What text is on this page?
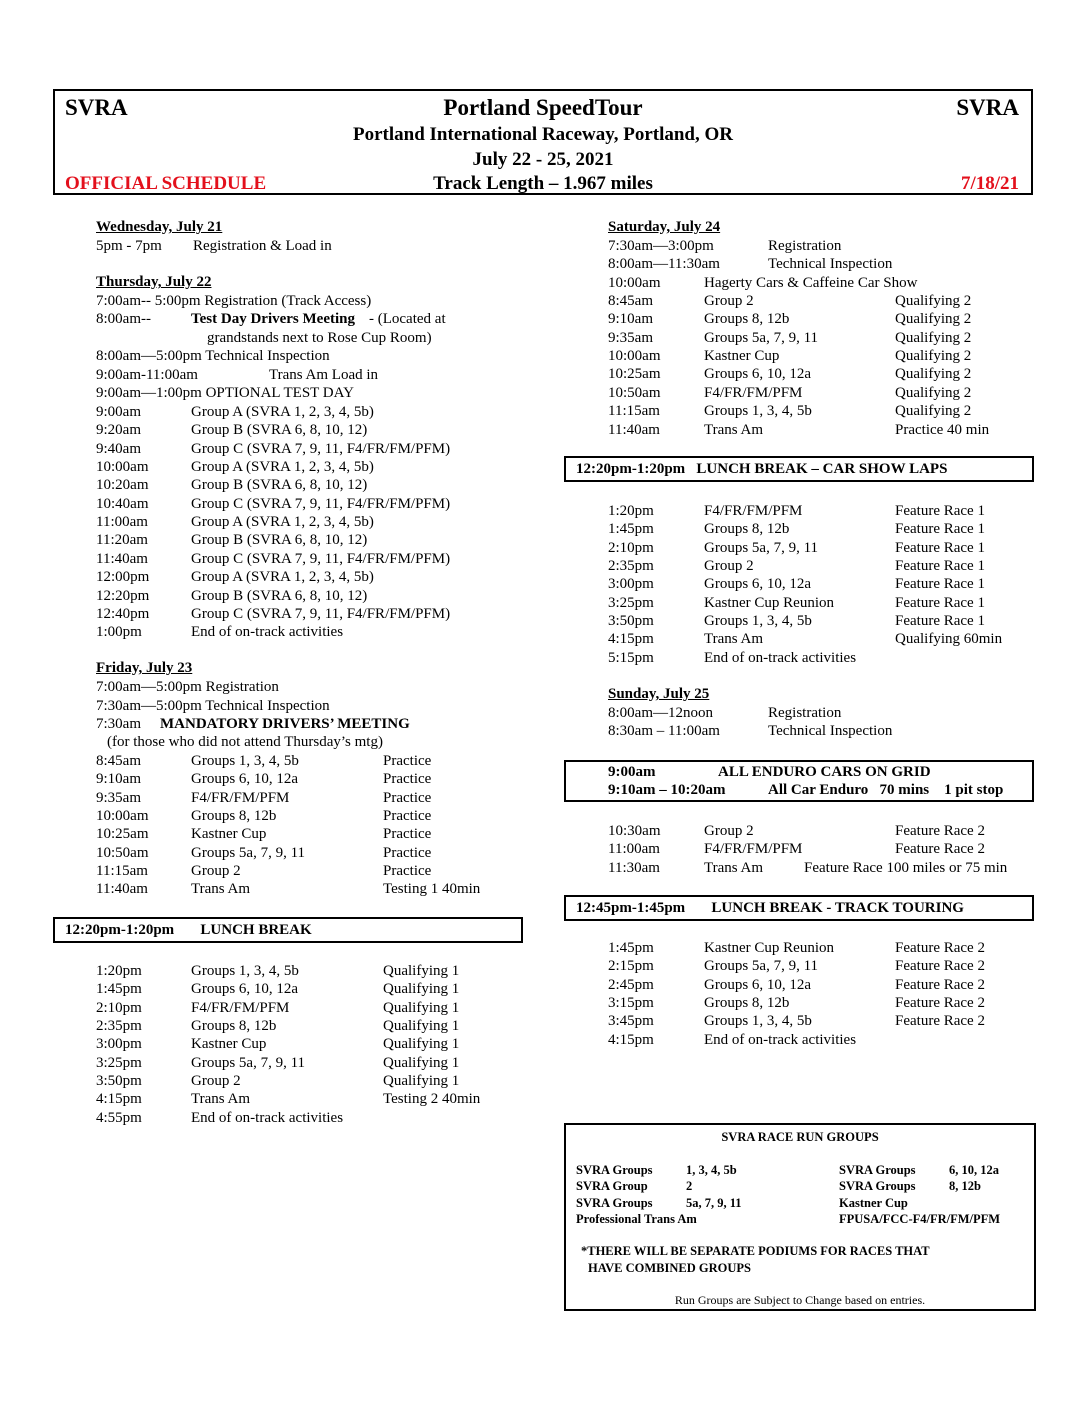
SVRA	Portland SpeedTour	SVRA
Portland International Raceway, Portland, OR
July 22 - 25, 2021
OFFICIAL SCHEDULE	Track Length – 1.967 miles	7/18/21
Wednesday, July 21
5pm - 7pm Registration & Load in
Thursday, July 22
7:00am-- 5:00pm Registration (Track Access)
8:00am--	Test Day Drivers Meeting - (Located at
grandstands next to Rose Cup Room)
8:00am—5:00pm Technical Inspection
9:00am-11:00am	Trans Am Load in
9:00am—1:00pm OPTIONAL TEST DAY
9:00am	Group A (SVRA 1, 2, 3, 4, 5b)
9:20am	Group B (SVRA 6, 8, 10, 12)
9:40am	Group C (SVRA 7, 9, 11, F4/FR/FM/PFM)
10:00am	Group A (SVRA 1, 2, 3, 4, 5b)
10:20am	Group B (SVRA 6, 8, 10, 12)
10:40am	Group C (SVRA 7, 9, 11, F4/FR/FM/PFM)
11:00am	Group A (SVRA 1, 2, 3, 4, 5b)
11:20am	Group B (SVRA 6, 8, 10, 12)
11:40am	Group C (SVRA 7, 9, 11, F4/FR/FM/PFM)
12:00pm	Group A (SVRA 1, 2, 3, 4, 5b)
12:20pm	Group B (SVRA 6, 8, 10, 12)
12:40pm	Group C (SVRA 7, 9, 11, F4/FR/FM/PFM)
1:00pm	End of on-track activities
Friday, July 23
7:00am—5:00pm Registration
7:30am—5:00pm Technical Inspection
7:30am MANDATORY DRIVERS’ MEETING
(for those who did not attend Thursday’s mtg)
8:45am	Groups 1, 3, 4, 5b	Practice
9:10am	Groups 6, 10, 12a	Practice
9:35am	F4/FR/FM/PFM	Practice
10:00am	Groups 8, 12b	Practice
10:25am	Kastner Cup	Practice
10:50am	Groups 5a, 7, 9, 11	Practice
11:15am	Group 2	Practice
11:40am	Trans Am	Testing 1 40min
12:20pm-1:20pm       LUNCH BREAK
1:20pm	Groups 1, 3, 4, 5b	Qualifying 1
1:45pm	Groups 6, 10, 12a	Qualifying 1
2:10pm	F4/FR/FM/PFM	Qualifying 1
2:35pm	Groups 8, 12b	Qualifying 1
3:00pm	Kastner Cup	Qualifying 1
3:25pm	Groups 5a, 7, 9, 11	Qualifying 1
3:50pm	Group 2	Qualifying 1
4:15pm	Trans Am	Testing 2 40min
4:55pm	End of on-track activities
Saturday, July 24
7:30am—3:00pm	Registration
8:00am—11:30am	Technical Inspection
10:00am	Hagerty Cars & Caffeine Car Show
8:45am	Group 2	Qualifying 2
9:10am	Groups 8, 12b	Qualifying 2
9:35am	Groups 5a, 7, 9, 11	Qualifying 2
10:00am	Kastner Cup	Qualifying 2
10:25am	Groups 6, 10, 12a	Qualifying 2
10:50am	F4/FR/FM/PFM	Qualifying 2
11:15am	Groups 1, 3, 4, 5b	Qualifying 2
11:40am	Trans Am	Practice 40 min
12:20pm-1:20pm   LUNCH BREAK – CAR SHOW LAPS
1:20pm	F4/FR/FM/PFM	Feature Race 1
1:45pm	Groups 8, 12b	Feature Race 1
2:10pm	Groups 5a, 7, 9, 11	Feature Race 1
2:35pm	Group 2	Feature Race 1
3:00pm	Groups 6, 10, 12a	Feature Race 1
3:25pm	Kastner Cup Reunion	Feature Race 1
3:50pm	Groups 1, 3, 4, 5b	Feature Race 1
4:15pm	Trans Am	Qualifying 60min
5:15pm	End of on-track activities
Sunday, July 25
8:00am—12noon	Registration
8:30am – 11:00am	Technical Inspection
9:00am	ALL ENDURO CARS ON GRID
9:10am – 10:20am	All Car Enduro   70 mins    1 pit stop
10:30am	Group 2	Feature Race 2
11:00am	F4/FR/FM/PFM	Feature Race 2
11:30am	Trans Am	Feature Race 100 miles or 75 min
12:45pm-1:45pm       LUNCH BREAK - TRACK TOURING
1:45pm	Kastner Cup Reunion	Feature Race 2
2:15pm	Groups 5a, 7, 9, 11	Feature Race 2
2:45pm	Groups 6, 10, 12a	Feature Race 2
3:15pm	Groups 8, 12b	Feature Race 2
3:45pm	Groups 1, 3, 4, 5b	Feature Race 2
4:15pm	End of on-track activities
SVRA RACE RUN GROUPS
SVRA Groups	1, 3, 4, 5b
SVRA Group	2
SVRA Groups	5a, 7, 9, 11
Professional Trans Am
SVRA Groups	6, 10, 12a
SVRA Groups	8, 12b
Kastner Cup
FPUSA/FCC-F4/FR/FM/PFM
*THERE WILL BE SEPARATE PODIUMS FOR RACES THAT
HAVE COMBINED GROUPS
Run Groups are Subject to Change based on entries.
